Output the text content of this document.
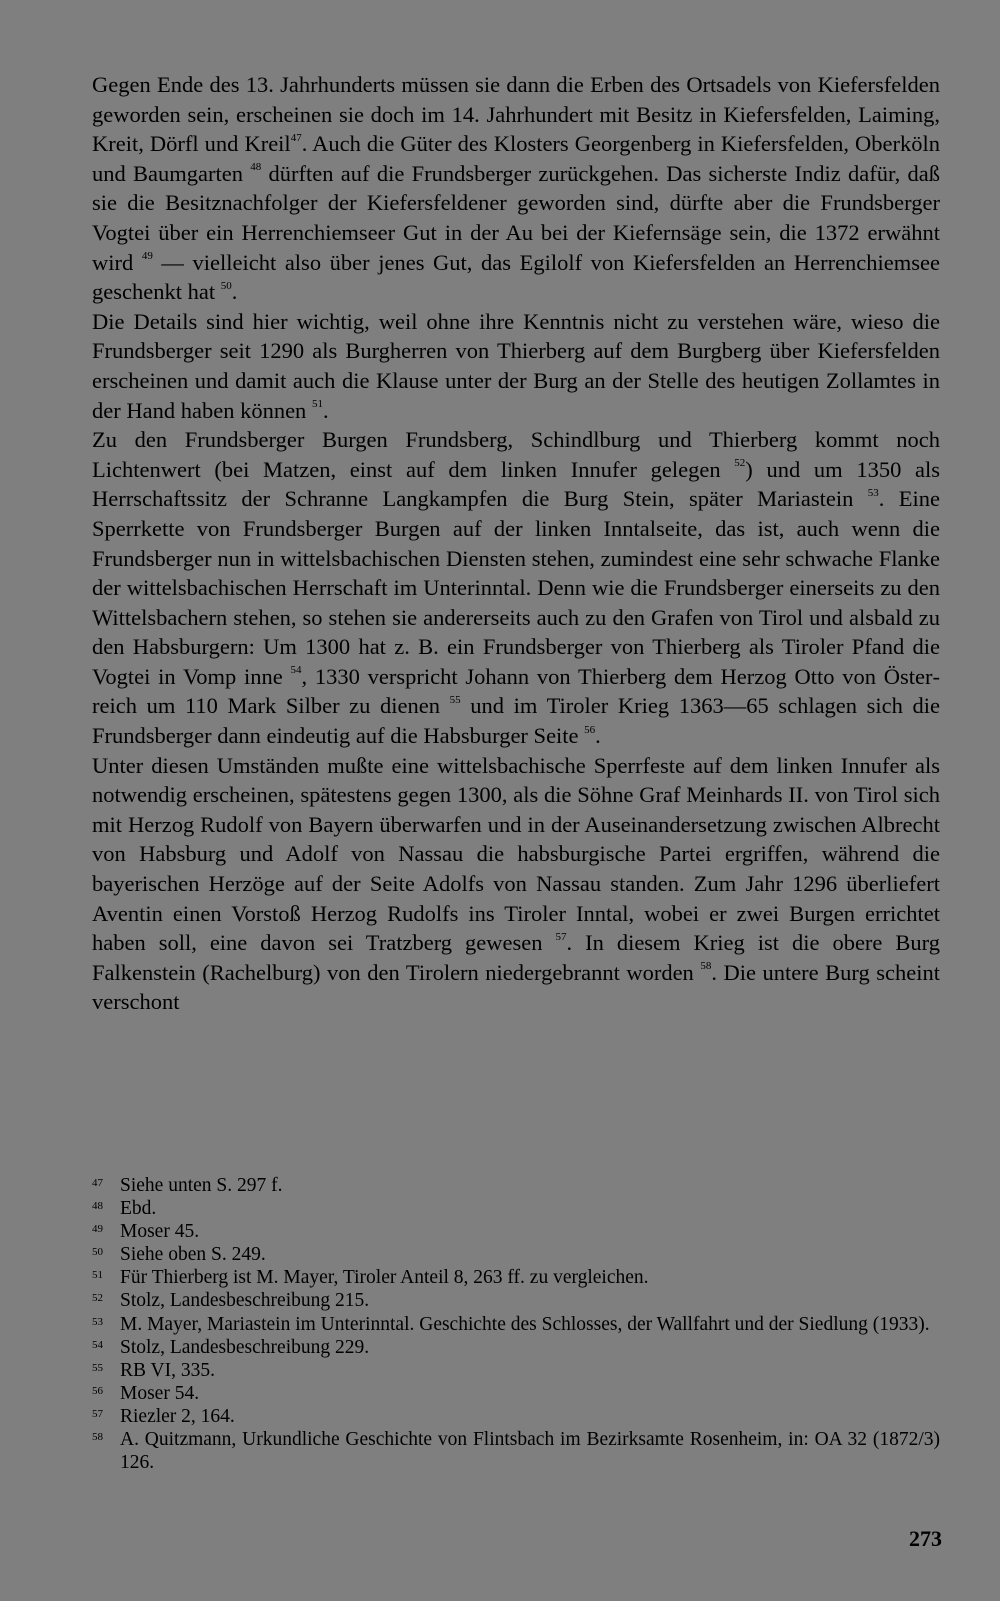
Gegen Ende des 13. Jahrhunderts müssen sie dann die Erben des Ortsadels von Kiefersfelden geworden sein, erscheinen sie doch im 14. Jahrhundert mit Besitz in Kiefersfelden, Laiming, Kreit, Dörfl und Kreil$^{47}$. Auch die Güter des Klosters Georgenberg in Kiefersfelden, Oberköln und Baumgarten $^{48}$ dürften auf die Frundsberger zurückgehen. Das sicherste Indiz dafür, daß sie die Besitznachfolger der Kiefersfeldener geworden sind, dürfte aber die Frundsberger Vogtei über ein Herrenchiemseer Gut in der Au bei der Kiefernsäge sein, die 1372 erwähnt wird $^{49}$ — vielleicht also über jenes Gut, das Egilolf von Kiefersfelden an Herrenchiemsee geschenkt hat $^{50}$.

Die Details sind hier wichtig, weil ohne ihre Kenntnis nicht zu verstehen wäre, wieso die Frundsberger seit 1290 als Burgherren von Thierberg auf dem Burgberg über Kiefersfelden erscheinen und damit auch die Klause unter der Burg an der Stelle des heutigen Zollamtes in der Hand haben können $^{51}$.

Zu den Frundsberger Burgen Frundsberg, Schindlburg und Thierberg kommt noch Lichtenwert (bei Matzen, einst auf dem linken Innufer gelegen $^{52}$) und um 1350 als Herrschaftssitz der Schranne Langkampfen die Burg Stein, später Mariastein $^{53}$. Eine Sperrkette von Frundsberger Burgen auf der linken Inntalseite, das ist, auch wenn die Frundsberger nun in wittelsbachischen Diensten stehen, zumindest eine sehr schwache Flanke der wittelsbachischen Herrschaft im Unterinntal. Denn wie die Frundsberger einerseits zu den Wittelsbachern stehen, so stehen sie andererseits auch zu den Grafen von Tirol und alsbald zu den Habsburgern: Um 1300 hat z. B. ein Frundsberger von Thierberg als Tiroler Pfand die Vogtei in Vomp inne $^{54}$, 1330 verspricht Johann von Thierberg dem Herzog Otto von Österreich um 110 Mark Silber zu dienen $^{55}$ und im Tiroler Krieg 1363—65 schlagen sich die Frundsberger dann eindeutig auf die Habsburger Seite $^{56}$.

Unter diesen Umständen mußte eine wittelsbachische Sperrfeste auf dem linken Innufer als notwendig erscheinen, spätestens gegen 1300, als die Söhne Graf Meinhards II. von Tirol sich mit Herzog Rudolf von Bayern überwarfen und in der Auseinandersetzung zwischen Albrecht von Habsburg und Adolf von Nassau die habsburgische Partei ergriffen, während die bayerischen Herzöge auf der Seite Adolfs von Nassau standen. Zum Jahr 1296 überliefert Aventin einen Vorstoß Herzog Rudolfs ins Tiroler Inntal, wobei er zwei Burgen errichtet haben soll, eine davon sei Tratzberg gewesen $^{57}$. In diesem Krieg ist die obere Burg Falkenstein (Rachelburg) von den Tirolern niedergebrannt worden $^{58}$. Die untere Burg scheint verschont

47 Siehe unten S. 297 f.
48 Ebd.
49 Moser 45.
50 Siehe oben S. 249.
51 Für Thierberg ist M. Mayer, Tiroler Anteil 8, 263 ff. zu vergleichen.
52 Stolz, Landesbeschreibung 215.
53 M. Mayer, Mariastein im Unterinntal. Geschichte des Schlosses, der Wallfahrt und der Siedlung (1933).
54 Stolz, Landesbeschreibung 229.
55 RB VI, 335.
56 Moser 54.
57 Riezler 2, 164.
58 A. Quitzmann, Urkundliche Geschichte von Flintsbach im Bezirksamte Rosenheim, in: OA 32 (1872/3) 126.
273
